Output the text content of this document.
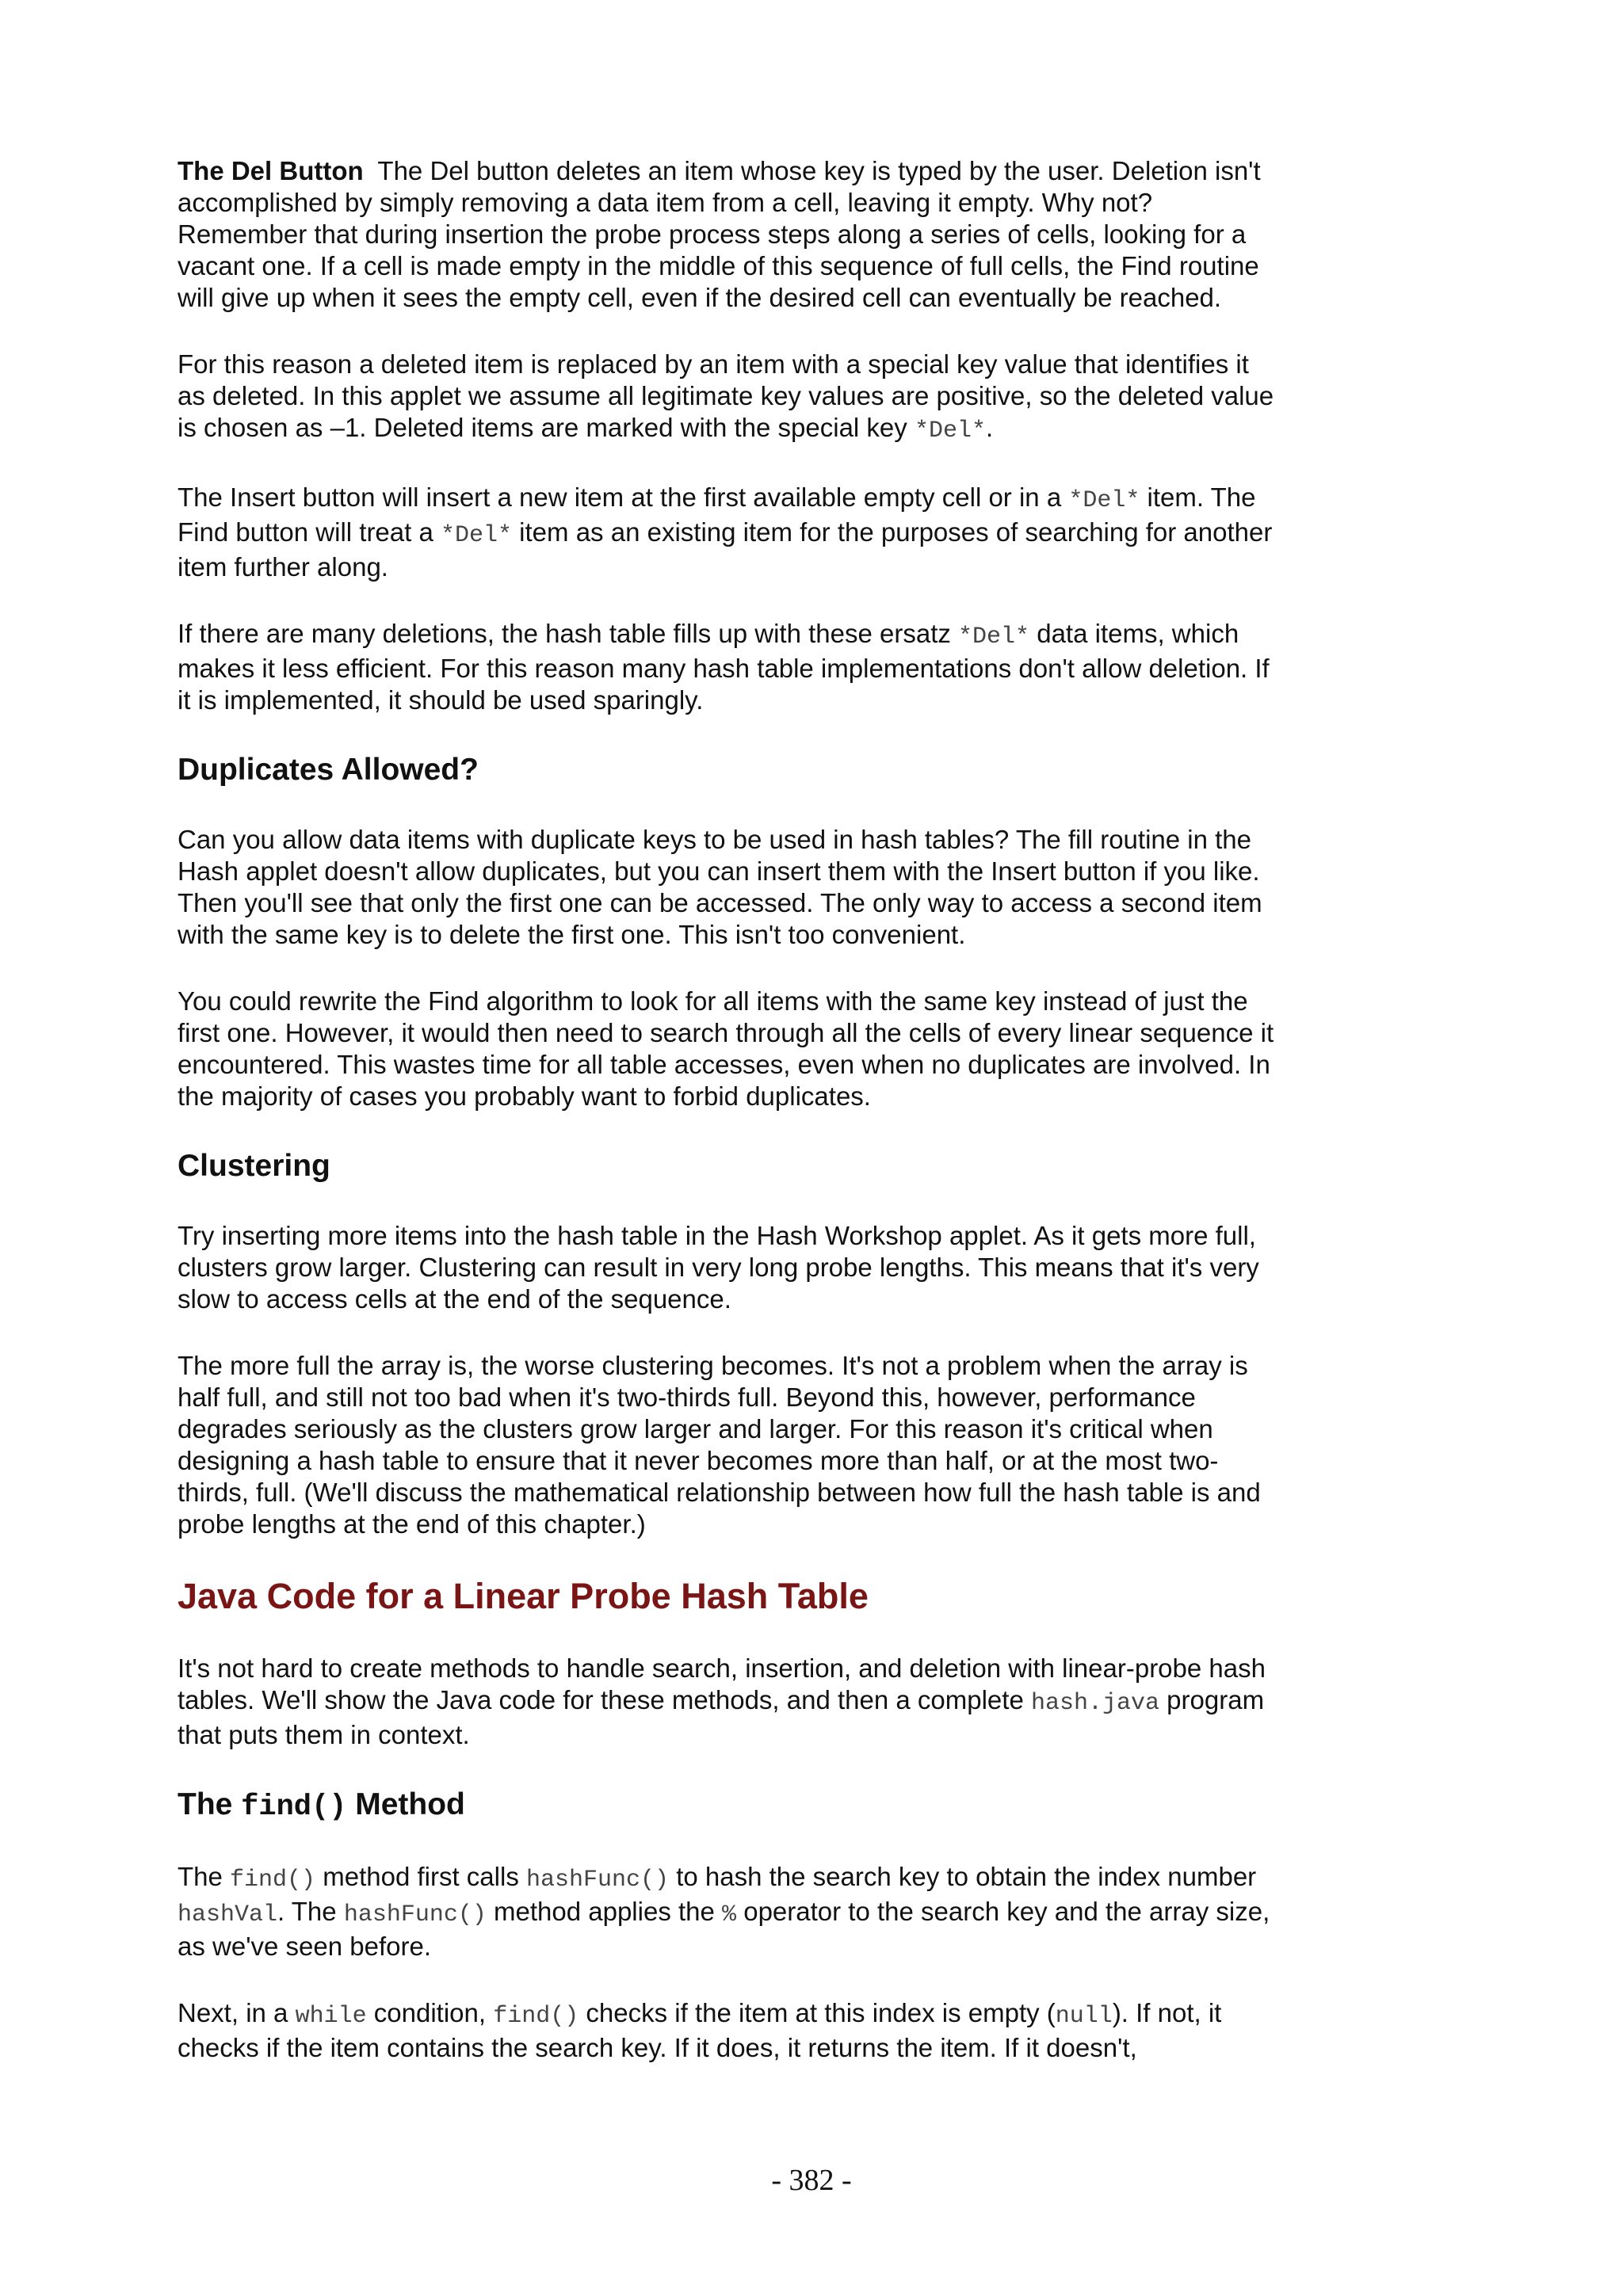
The Del Button The Del button deletes an item whose key is typed by the user. Deletion isn't accomplished by simply removing a data item from a cell, leaving it empty. Why not? Remember that during insertion the probe process steps along a series of cells, looking for a vacant one. If a cell is made empty in the middle of this sequence of full cells, the Find routine will give up when it sees the empty cell, even if the desired cell can eventually be reached.

For this reason a deleted item is replaced by an item with a special key value that identifies it as deleted. In this applet we assume all legitimate key values are positive, so the deleted value is chosen as –1. Deleted items are marked with the special key *Del*.

The Insert button will insert a new item at the first available empty cell or in a *Del* item. The Find button will treat a *Del* item as an existing item for the purposes of searching for another item further along.

If there are many deletions, the hash table fills up with these ersatz *Del* data items, which makes it less efficient. For this reason many hash table implementations don't allow deletion. If it is implemented, it should be used sparingly.

Duplicates Allowed?

Can you allow data items with duplicate keys to be used in hash tables? The fill routine in the Hash applet doesn't allow duplicates, but you can insert them with the Insert button if you like. Then you'll see that only the first one can be accessed. The only way to access a second item with the same key is to delete the first one. This isn't too convenient.

You could rewrite the Find algorithm to look for all items with the same key instead of just the first one. However, it would then need to search through all the cells of every linear sequence it encountered. This wastes time for all table accesses, even when no duplicates are involved. In the majority of cases you probably want to forbid duplicates.

Clustering

Try inserting more items into the hash table in the Hash Workshop applet. As it gets more full, clusters grow larger. Clustering can result in very long probe lengths. This means that it's very slow to access cells at the end of the sequence.

The more full the array is, the worse clustering becomes. It's not a problem when the array is half full, and still not too bad when it's two-thirds full. Beyond this, however, performance degrades seriously as the clusters grow larger and larger. For this reason it's critical when designing a hash table to ensure that it never becomes more than half, or at the most two-thirds, full. (We'll discuss the mathematical relationship between how full the hash table is and probe lengths at the end of this chapter.)

Java Code for a Linear Probe Hash Table

It's not hard to create methods to handle search, insertion, and deletion with linear-probe hash tables. We'll show the Java code for these methods, and then a complete hash.java program that puts them in context.

The find() Method

The find() method first calls hashFunc() to hash the search key to obtain the index number hashVal. The hashFunc() method applies the % operator to the search key and the array size, as we've seen before.

Next, in a while condition, find() checks if the item at this index is empty (null). If not, it checks if the item contains the search key. If it does, it returns the item. If it doesn't,

- 382 -
